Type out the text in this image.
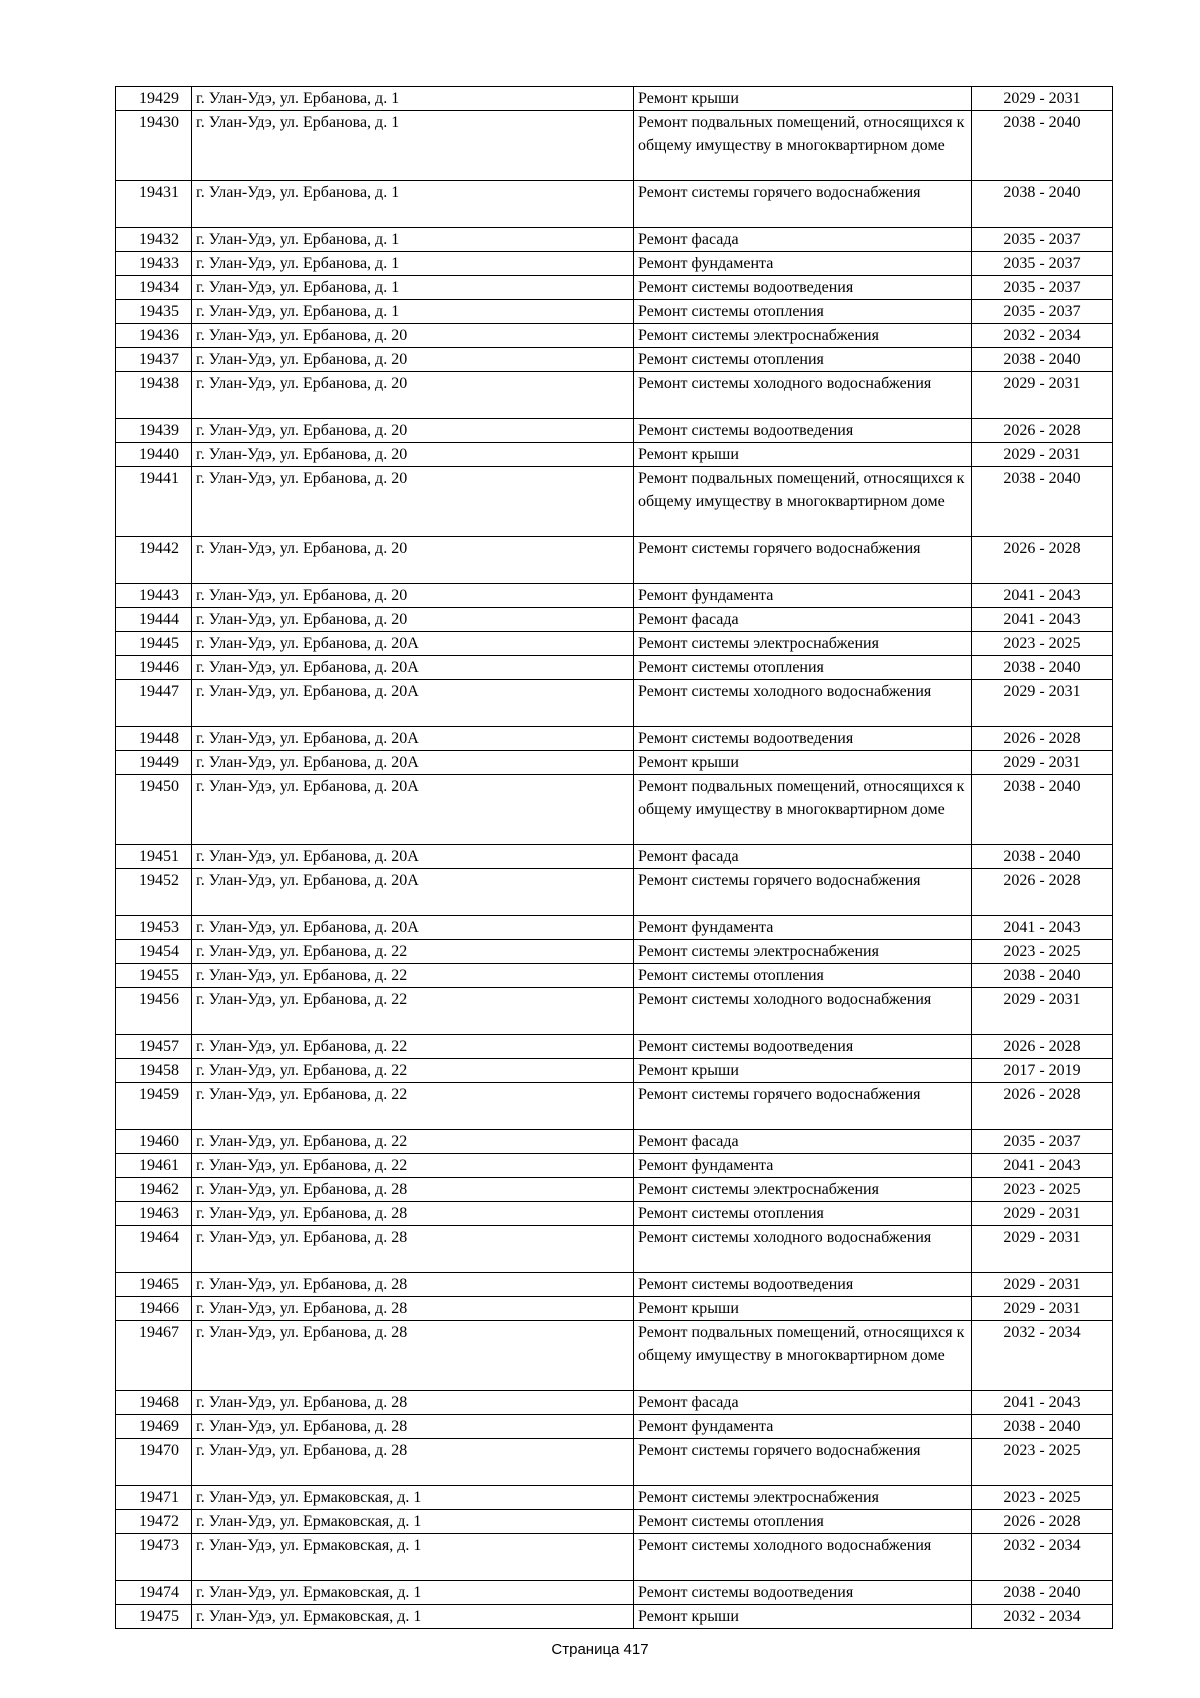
19429	г. Улан-Удэ, ул. Ербанова, д. 1	Ремонт крыши	2029 - 2031
19430	г. Улан-Удэ, ул. Ербанова, д. 1	Ремонт подвальных помещений, относящихся к общему имуществу в многоквартирном доме	2038 - 2040
19431	г. Улан-Удэ, ул. Ербанова, д. 1	Ремонт системы горячего водоснабжения	2038 - 2040
19432	г. Улан-Удэ, ул. Ербанова, д. 1	Ремонт фасада	2035 - 2037
19433	г. Улан-Удэ, ул. Ербанова, д. 1	Ремонт фундамента	2035 - 2037
19434	г. Улан-Удэ, ул. Ербанова, д. 1	Ремонт системы водоотведения	2035 - 2037
19435	г. Улан-Удэ, ул. Ербанова, д. 1	Ремонт системы отопления	2035 - 2037
19436	г. Улан-Удэ, ул. Ербанова, д. 20	Ремонт системы электроснабжения	2032 - 2034
19437	г. Улан-Удэ, ул. Ербанова, д. 20	Ремонт системы отопления	2038 - 2040
19438	г. Улан-Удэ, ул. Ербанова, д. 20	Ремонт системы холодного водоснабжения	2029 - 2031
19439	г. Улан-Удэ, ул. Ербанова, д. 20	Ремонт системы водоотведения	2026 - 2028
19440	г. Улан-Удэ, ул. Ербанова, д. 20	Ремонт крыши	2029 - 2031
19441	г. Улан-Удэ, ул. Ербанова, д. 20	Ремонт подвальных помещений, относящихся к общему имуществу в многоквартирном доме	2038 - 2040
19442	г. Улан-Удэ, ул. Ербанова, д. 20	Ремонт системы горячего водоснабжения	2026 - 2028
19443	г. Улан-Удэ, ул. Ербанова, д. 20	Ремонт фундамента	2041 - 2043
19444	г. Улан-Удэ, ул. Ербанова, д. 20	Ремонт фасада	2041 - 2043
19445	г. Улан-Удэ, ул. Ербанова, д. 20А	Ремонт системы электроснабжения	2023 - 2025
19446	г. Улан-Удэ, ул. Ербанова, д. 20А	Ремонт системы отопления	2038 - 2040
19447	г. Улан-Удэ, ул. Ербанова, д. 20А	Ремонт системы холодного водоснабжения	2029 - 2031
19448	г. Улан-Удэ, ул. Ербанова, д. 20А	Ремонт системы водоотведения	2026 - 2028
19449	г. Улан-Удэ, ул. Ербанова, д. 20А	Ремонт крыши	2029 - 2031
19450	г. Улан-Удэ, ул. Ербанова, д. 20А	Ремонт подвальных помещений, относящихся к общему имуществу в многоквартирном доме	2038 - 2040
19451	г. Улан-Удэ, ул. Ербанова, д. 20А	Ремонт фасада	2038 - 2040
19452	г. Улан-Удэ, ул. Ербанова, д. 20А	Ремонт системы горячего водоснабжения	2026 - 2028
19453	г. Улан-Удэ, ул. Ербанова, д. 20А	Ремонт фундамента	2041 - 2043
19454	г. Улан-Удэ, ул. Ербанова, д. 22	Ремонт системы электроснабжения	2023 - 2025
19455	г. Улан-Удэ, ул. Ербанова, д. 22	Ремонт системы отопления	2038 - 2040
19456	г. Улан-Удэ, ул. Ербанова, д. 22	Ремонт системы холодного водоснабжения	2029 - 2031
19457	г. Улан-Удэ, ул. Ербанова, д. 22	Ремонт системы водоотведения	2026 - 2028
19458	г. Улан-Удэ, ул. Ербанова, д. 22	Ремонт крыши	2017 - 2019
19459	г. Улан-Удэ, ул. Ербанова, д. 22	Ремонт системы горячего водоснабжения	2026 - 2028
19460	г. Улан-Удэ, ул. Ербанова, д. 22	Ремонт фасада	2035 - 2037
19461	г. Улан-Удэ, ул. Ербанова, д. 22	Ремонт фундамента	2041 - 2043
19462	г. Улан-Удэ, ул. Ербанова, д. 28	Ремонт системы электроснабжения	2023 - 2025
19463	г. Улан-Удэ, ул. Ербанова, д. 28	Ремонт системы отопления	2029 - 2031
19464	г. Улан-Удэ, ул. Ербанова, д. 28	Ремонт системы холодного водоснабжения	2029 - 2031
19465	г. Улан-Удэ, ул. Ербанова, д. 28	Ремонт системы водоотведения	2029 - 2031
19466	г. Улан-Удэ, ул. Ербанова, д. 28	Ремонт крыши	2029 - 2031
19467	г. Улан-Удэ, ул. Ербанова, д. 28	Ремонт подвальных помещений, относящихся к общему имуществу в многоквартирном доме	2032 - 2034
19468	г. Улан-Удэ, ул. Ербанова, д. 28	Ремонт фасада	2041 - 2043
19469	г. Улан-Удэ, ул. Ербанова, д. 28	Ремонт фундамента	2038 - 2040
19470	г. Улан-Удэ, ул. Ербанова, д. 28	Ремонт системы горячего водоснабжения	2023 - 2025
19471	г. Улан-Удэ, ул. Ермаковская, д. 1	Ремонт системы электроснабжения	2023 - 2025
19472	г. Улан-Удэ, ул. Ермаковская, д. 1	Ремонт системы отопления	2026 - 2028
19473	г. Улан-Удэ, ул. Ермаковская, д. 1	Ремонт системы холодного водоснабжения	2032 - 2034
19474	г. Улан-Удэ, ул. Ермаковская, д. 1	Ремонт системы водоотведения	2038 - 2040
19475	г. Улан-Удэ, ул. Ермаковская, д. 1	Ремонт крыши	2032 - 2034
Страница 417
